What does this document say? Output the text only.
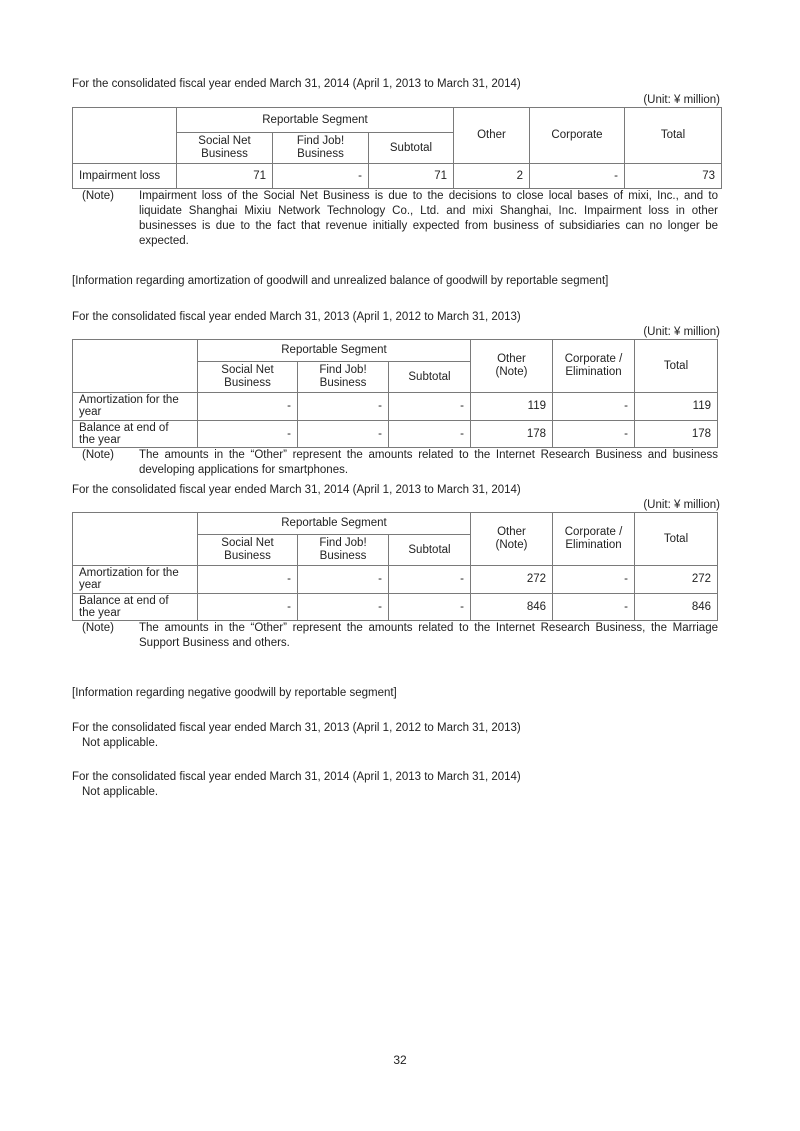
For the consolidated fiscal year ended March 31, 2014 (April 1, 2013 to March 31, 2014)
(Unit: ¥ million)
	Reportable Segment			Other	Corporate	Total
	Social Net Business	Find Job! Business	Subtotal			
Impairment loss	71	-	71	2	-	73
(Note) Impairment loss of the Social Net Business is due to the decisions to close local bases of mixi, Inc., and to liquidate Shanghai Mixiu Network Technology Co., Ltd. and mixi Shanghai, Inc. Impairment loss in other businesses is due to the fact that revenue initially expected from business of subsidiaries can no longer be expected.
[Information regarding amortization of goodwill and unrealized balance of goodwill by reportable segment]
For the consolidated fiscal year ended March 31, 2013 (April 1, 2012 to March 31, 2013)
(Unit: ¥ million)
	Reportable Segment			Other (Note)	Corporate / Elimination	Total

	Social Net Business	Find Job! Business	Subtotal			

Amortization for the year	-	-	-	119	-	119

Balance at end of the year	-	-	-	178	-	178
(Note) The amounts in the “Other” represent the amounts related to the Internet Research Business and business developing applications for smartphones.
For the consolidated fiscal year ended March 31, 2014 (April 1, 2013 to March 31, 2014)
(Unit: ¥ million)
	Reportable Segment			Other (Note)	Corporate / Elimination	Total

	Social Net Business	Find Job! Business	Subtotal			

Amortization for the year	-	-	-	272	-	272

Balance at end of the year	-	-	-	846	-	846
(Note) The amounts in the “Other” represent the amounts related to the Internet Research Business, the Marriage Support Business and others.
[Information regarding negative goodwill by reportable segment]
For the consolidated fiscal year ended March 31, 2013 (April 1, 2012 to March 31, 2013)
Not applicable.
For the consolidated fiscal year ended March 31, 2014 (April 1, 2013 to March 31, 2014)
Not applicable.
32
